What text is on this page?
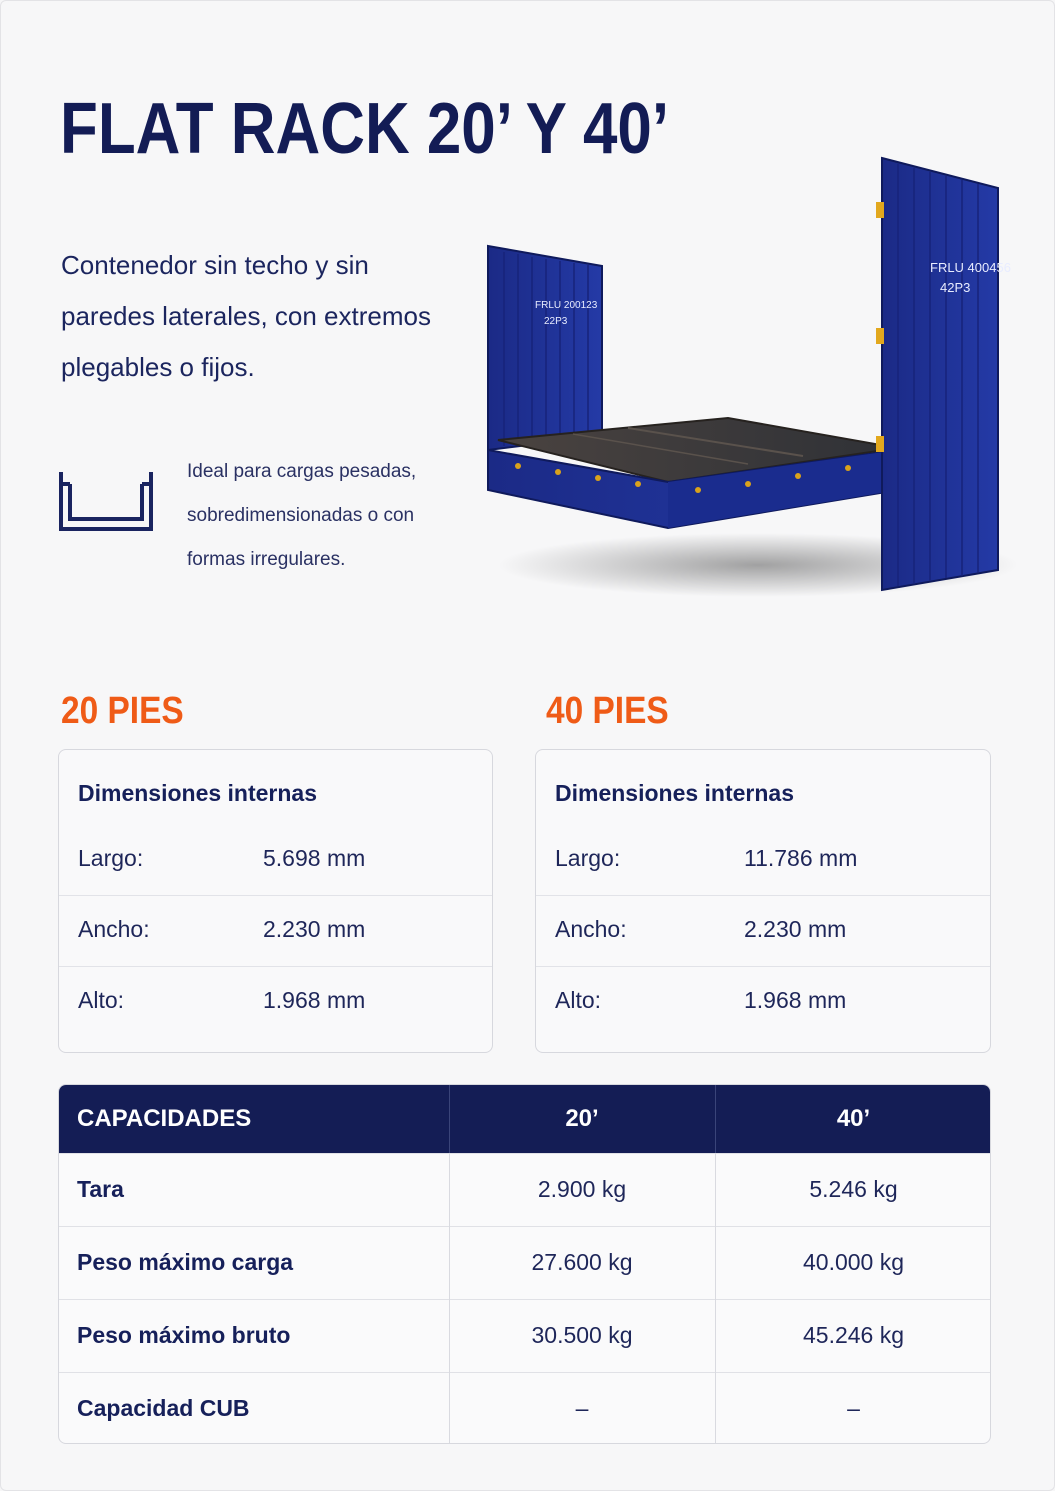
FLAT RACK 20’ Y 40’

Contenedor sin techo y sin paredes laterales, con extremos plegables o fijos.

Ideal para cargas pesadas, sobredimensionadas o con formas irregulares.

FRLU 200123
22P3
FRLU 400456
42P3
20 PIES
Dimensiones internas
Largo:	5.698 mm
Ancho:	2.230 mm
Alto:	1.968 mm
40 PIES
Dimensiones internas
Largo:	11.786 mm
Ancho:	2.230 mm
Alto:	1.968 mm
CAPACIDADES	20’	40’
Tara	2.900 kg	5.246 kg
Peso máximo carga	27.600 kg	40.000 kg
Peso máximo bruto	30.500 kg	45.246 kg
Capacidad CUB	–	–
